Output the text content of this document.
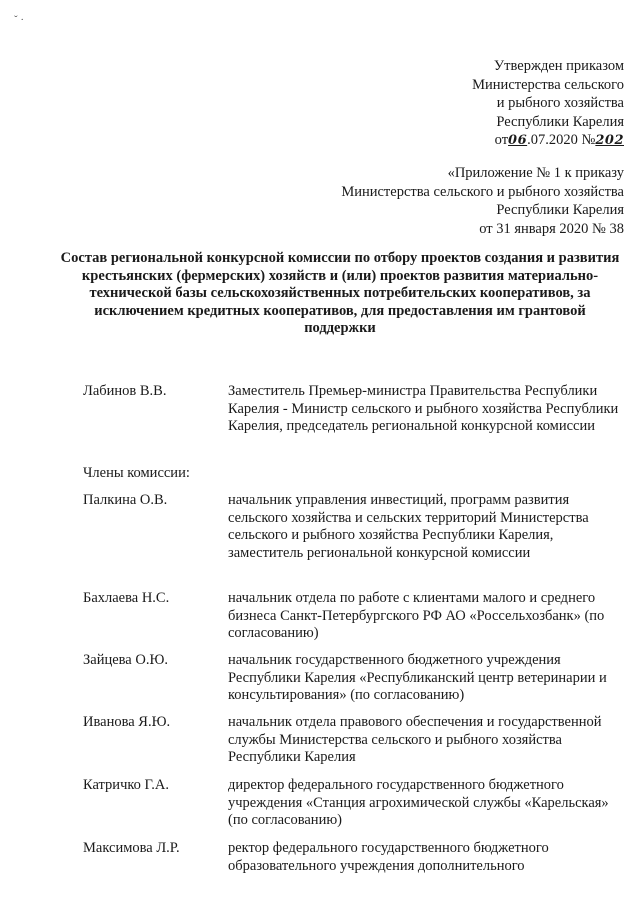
ˇ ·
Утвержден приказом
Министерства сельского
и рыбного хозяйства
Республики Карелия
от06.07.2020 №202
«Приложение № 1 к приказу
Министерства сельского и рыбного хозяйства
Республики Карелия
от 31 января 2020 № 38
Состав региональной конкурсной комиссии по отбору проектов создания и развития крестьянских (фермерских) хозяйств и (или) проектов развития материально-технической базы сельскохозяйственных потребительских кооперативов, за исключением кредитных кооперативов, для предоставления им грантовой поддержки
Лабинов В.В.	Заместитель Премьер-министра Правительства Республики Карелия - Министр сельского и рыбного хозяйства Республики Карелия, председатель региональной конкурсной комиссии
Члены комиссии:
Палкина О.В.	начальник управления инвестиций, программ развития сельского хозяйства и сельских территорий Министерства сельского и рыбного хозяйства Республики Карелия, заместитель региональной конкурсной комиссии
Бахлаева Н.С.	начальник отдела по работе с клиентами малого и среднего бизнеса Санкт-Петербургского РФ АО «Россельхозбанк» (по согласованию)
Зайцева О.Ю.	начальник государственного бюджетного учреждения Республики Карелия «Республиканский центр ветеринарии и консультирования» (по согласованию)
Иванова Я.Ю.	начальник отдела правового обеспечения и государственной службы Министерства сельского и рыбного хозяйства Республики Карелия
Катричко Г.А.	директор федерального государственного бюджетного учреждения «Станция агрохимической службы «Карельская» (по согласованию)
Максимова Л.Р.	ректор федерального государственного бюджетного образовательного учреждения дополнительного
